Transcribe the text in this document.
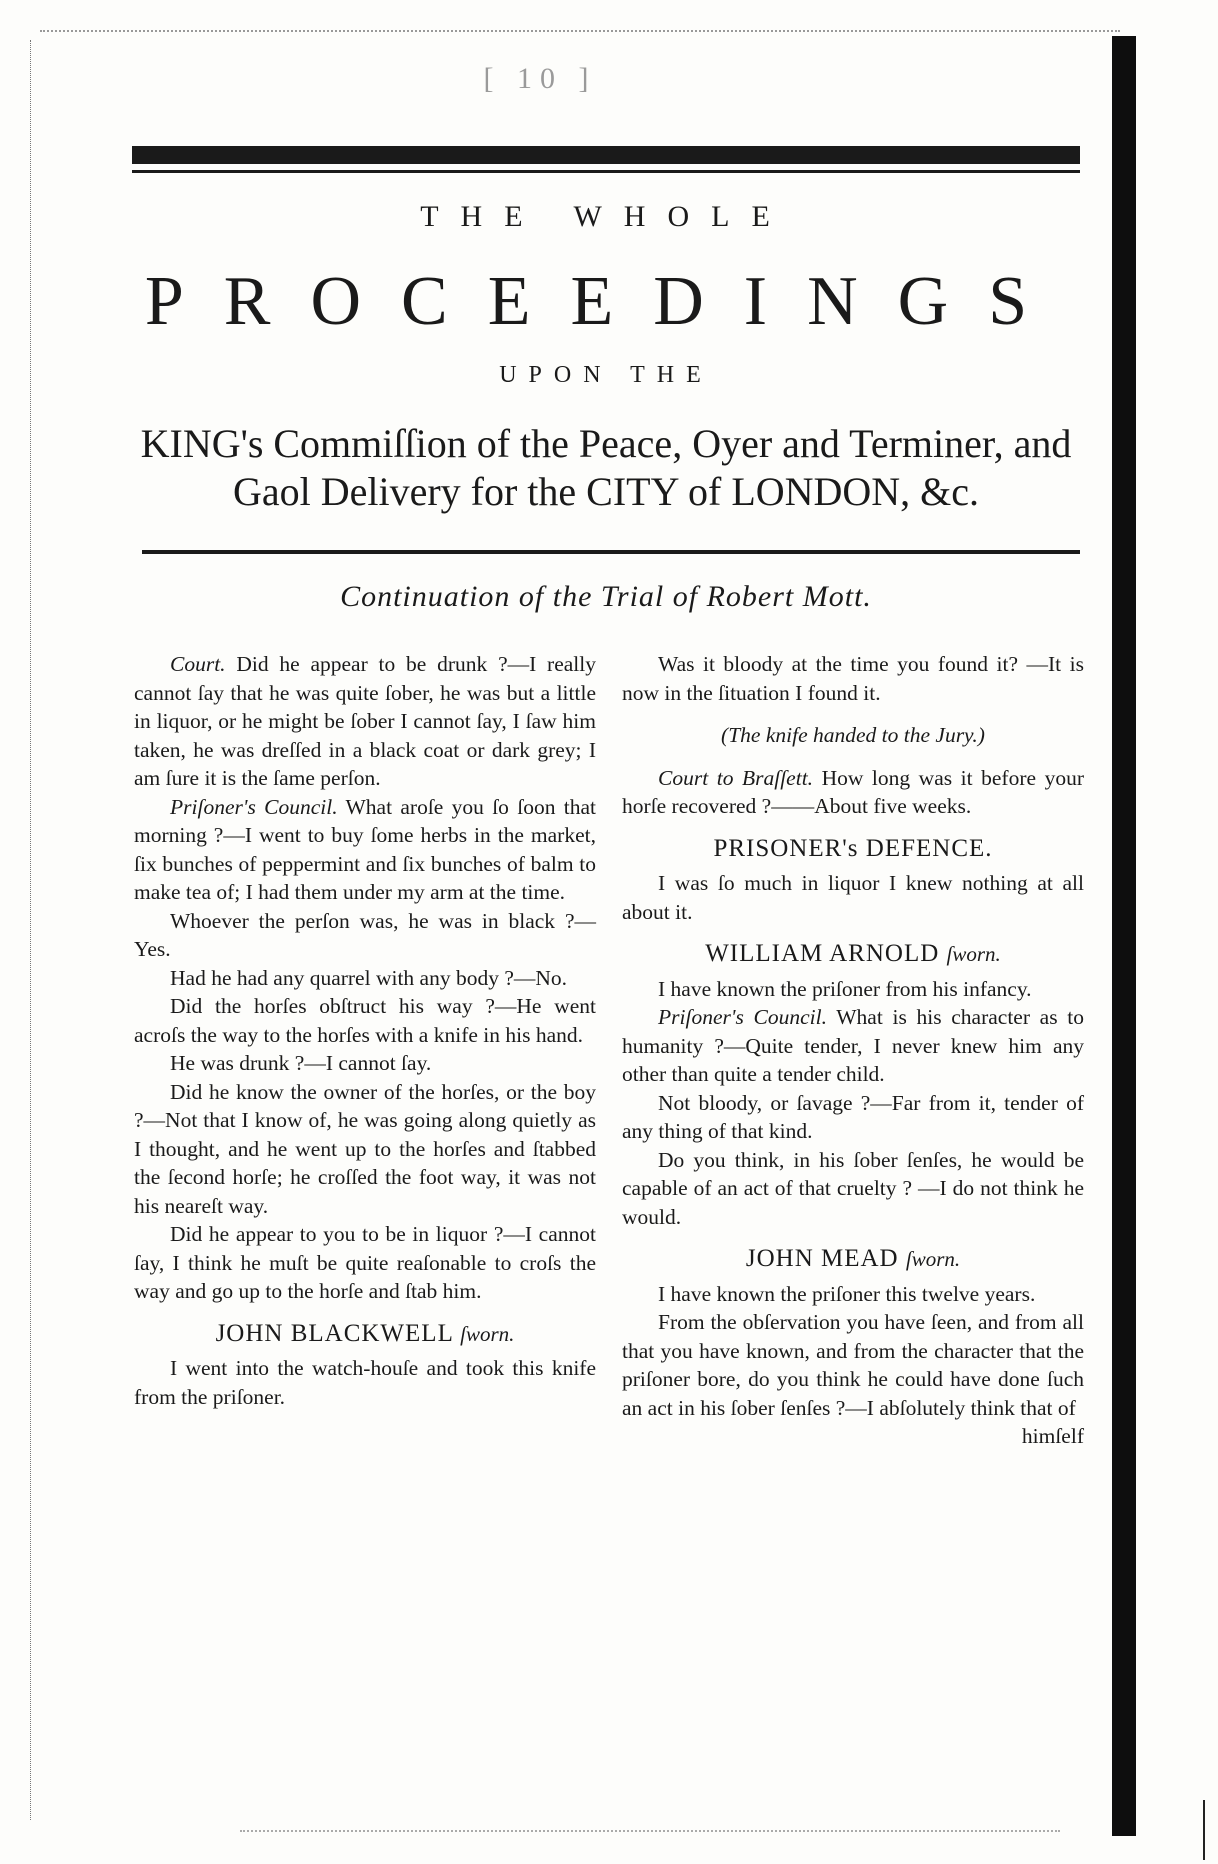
[ 10 ]
THE WHOLE
PROCEEDINGS
UPON THE
KING's Commiſſion of the Peace, Oyer and Terminer, and
Gaol Delivery for the CITY of LONDON, &c.
Continuation of the Trial of Robert Mott.

Court. Did he appear to be drunk ?—I really cannot ſay that he was quite ſober, he was but a little in liquor, or he might be ſober I cannot ſay, I ſaw him taken, he was dreſſed in a black coat or dark grey; I am ſure it is the ſame perſon.

Priſoner's Council. What aroſe you ſo ſoon that morning ?—I went to buy ſome herbs in the market, ſix bunches of peppermint and ſix bunches of balm to make tea of; I had them under my arm at the time.

Whoever the perſon was, he was in black ?—Yes.

Had he had any quarrel with any body ?—No.

Did the horſes obſtruct his way ?—He went acroſs the way to the horſes with a knife in his hand.

He was drunk ?—I cannot ſay.

Did he know the owner of the horſes, or the boy ?—Not that I know of, he was going along quietly as I thought, and he went up to the horſes and ſtabbed the ſecond horſe; he croſſed the foot way, it was not his neareſt way.

Did he appear to you to be in liquor ?—I cannot ſay, I think he muſt be quite reaſonable to croſs the way and go up to the horſe and ſtab him.

JOHN BLACKWELL ſworn.

I went into the watch-houſe and took this knife from the priſoner.

Was it bloody at the time you found it? —It is now in the ſituation I found it.

(The knife handed to the Jury.)

Court to Braſſett. How long was it before your horſe recovered ?——About five weeks.

PRISONER's DEFENCE.

I was ſo much in liquor I knew nothing at all about it.

WILLIAM ARNOLD ſworn.

I have known the priſoner from his infancy.

Priſoner's Council. What is his character as to humanity ?—Quite tender, I never knew him any other than quite a tender child.

Not bloody, or ſavage ?—Far from it, tender of any thing of that kind.

Do you think, in his ſober ſenſes, he would be capable of an act of that cruelty ? —I do not think he would.

JOHN MEAD ſworn.

I have known the priſoner this twelve years.

From the obſervation you have ſeen, and from all that you have known, and from the character that the priſoner bore, do you think he could have done ſuch an act in his ſober ſenſes ?—I abſolutely think that of

himſelf
